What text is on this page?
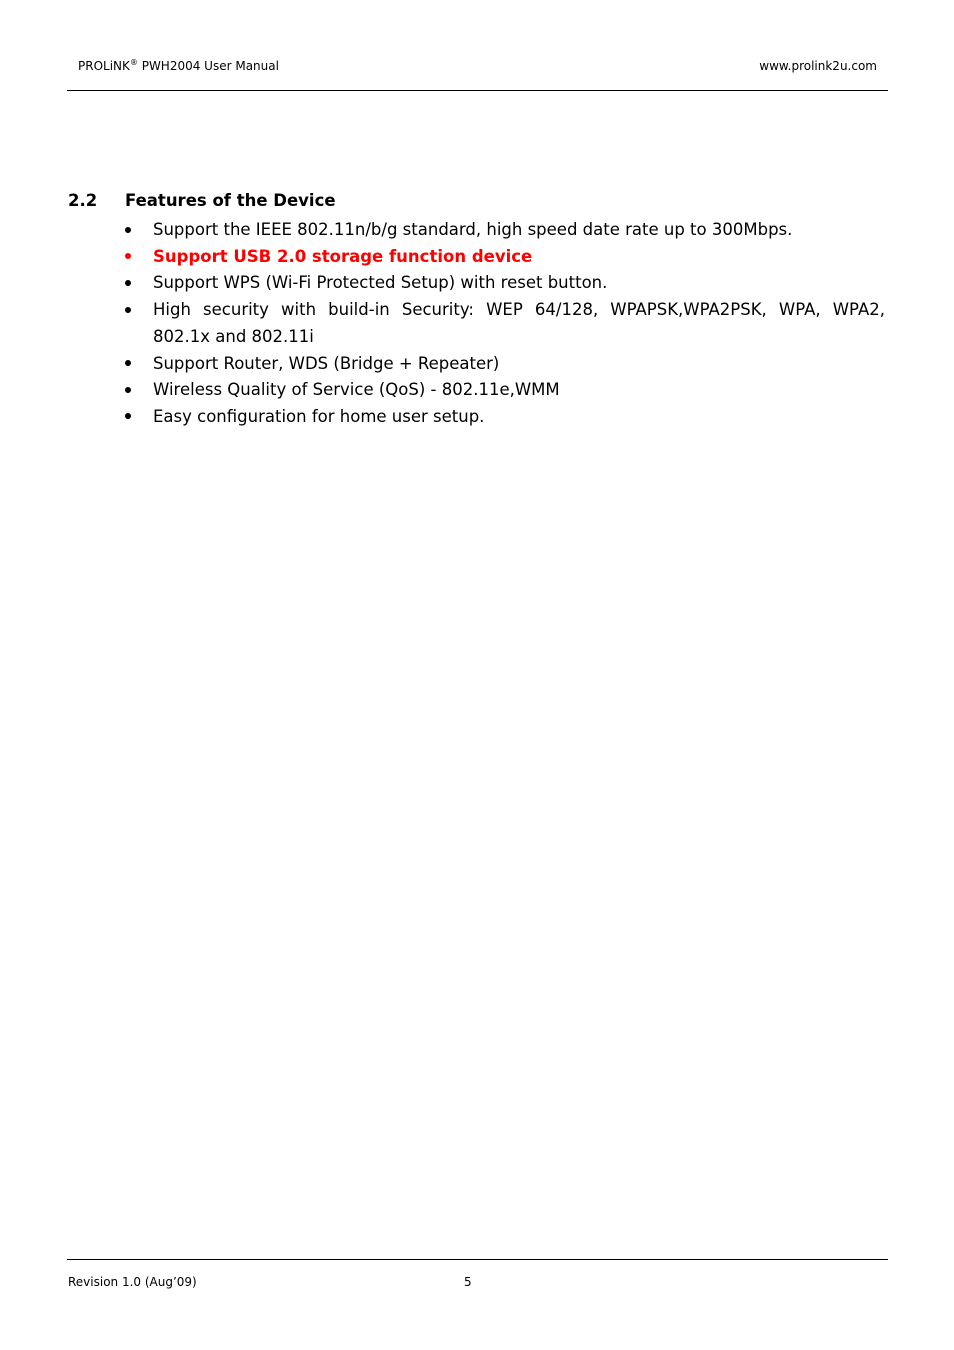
PROLiNK® PWH2004 User Manual	www.prolink2u.com
2.2 Features of the Device
Support the IEEE 802.11n/b/g standard, high speed date rate up to 300Mbps.
Support USB 2.0 storage function device
Support WPS (Wi-Fi Protected Setup) with reset button.
High security with build-in Security: WEP 64/128, WPAPSK,WPA2PSK, WPA, WPA2, 802.1x and 802.11i
Support Router, WDS (Bridge + Repeater)
Wireless Quality of Service (QoS) - 802.11e,WMM
Easy configuration for home user setup.
Revision 1.0 (Aug’09)	5
